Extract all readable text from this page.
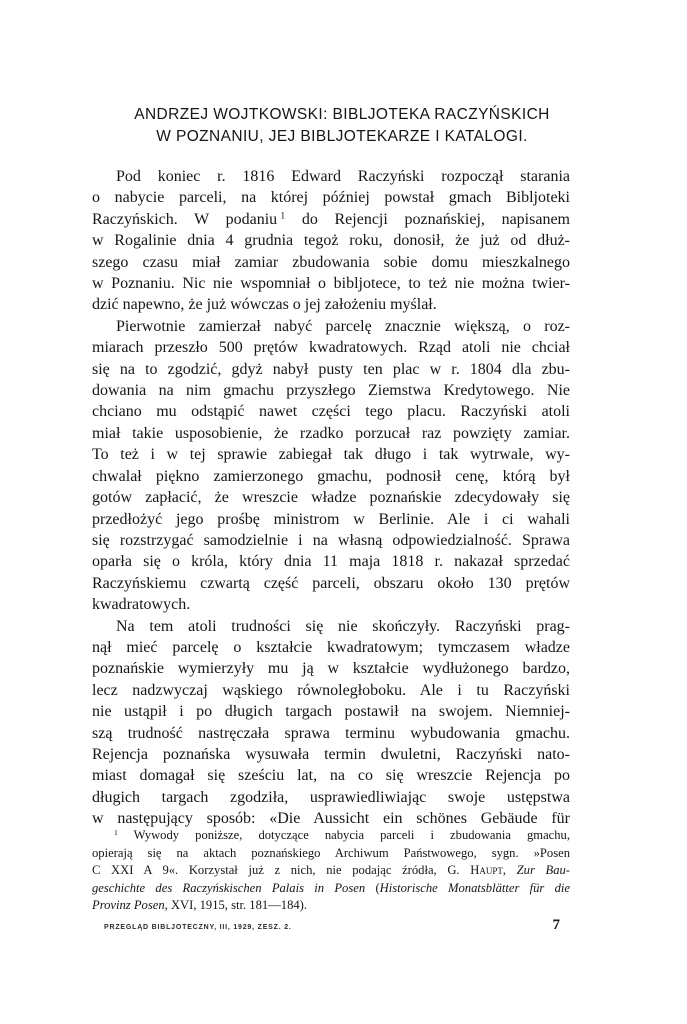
ANDRZEJ WOJTKOWSKI: BIBLJOTEKA RACZYŃSKICH
W POZNANIU, JEJ BIBLJOTEKARZE I KATALOGI.
Pod koniec r. 1816 Edward Raczyński rozpoczął starania
o nabycie parceli, na której później powstał gmach Bibljoteki
Raczyńskich. W podaniu  $^1$ do Rejencji poznańskiej, napisanem
w Rogalinie dnia 4 grudnia tegoż roku, donosił, że już od dłuż-
szego czasu miał zamiar zbudowania sobie domu mieszkalnego
w Poznaniu. Nic nie wspomniał o bibljotece, to też nie można twier-
dzić napewno, że już wówczas o jej założeniu myślał.
Pierwotnie zamierzał nabyć parcelę znacznie większą, o roz-
miarach przeszło 500 prętów kwadratowych. Rząd atoli nie chciał
się na to zgodzić, gdyż nabył pusty ten plac w r. 1804 dla zbu-
dowania na nim gmachu przyszłego Ziemstwa Kredytowego. Nie
chciano mu odstąpić nawet części tego placu. Raczyński atoli
miał takie usposobienie, że rzadko porzucał raz powzięty zamiar.
To też i w tej sprawie zabiegał tak długo i tak wytrwale, wy-
chwalał piękno zamierzonego gmachu, podnosił cenę, którą był
gotów zapłacić, że wreszcie władze poznańskie zdecydowały się
przedłożyć jego prośbę ministrom w Berlinie. Ale i ci wahali
się rozstrzygać samodzielnie i na własną odpowiedzialność. Sprawa
oparła się o króla, który dnia 11 maja 1818 r. nakazał sprzedać
Raczyńskiemu czwartą część parceli, obszaru około 130 prętów
kwadratowych.
Na tem atoli trudności się nie skończyły. Raczyński prag-
nął mieć parcelę o kształcie kwadratowym; tymczasem władze
poznańskie wymierzyły mu ją w kształcie wydłużonego bardzo,
lecz nadzwyczaj wąskiego równoległoboku. Ale i tu Raczyński
nie ustąpił i po długich targach postawił na swojem. Niemniej-
szą trudność nastręczała sprawa terminu wybudowania gmachu.
Rejencja poznańska wysuwała termin dwuletni, Raczyński nato-
miast domagał się sześciu lat, na co się wreszcie Rejencja po
długich targach zgodziła, usprawiedliwiając swoje ustępstwa
w następujący sposób: «Die Aussicht ein schönes Gebäude für
$^1$ Wywody poniższe, dotyczące nabycia parceli i zbudowania gmachu,
opierają się na aktach poznańskiego Archiwum Państwowego, sygn. »Posen
C XXI A 9«. Korzystał już z nich, nie podając źródła, G. Haupt, Zur Bau-
geschichte des Raczyńskischen Palais in Posen (Historische Monatsblätter für die
Provinz Posen, XVI, 1915, str. 181—184).
PRZEGLĄD BIBLJOTECZNY, III, 1929, ZESZ. 2.	7
